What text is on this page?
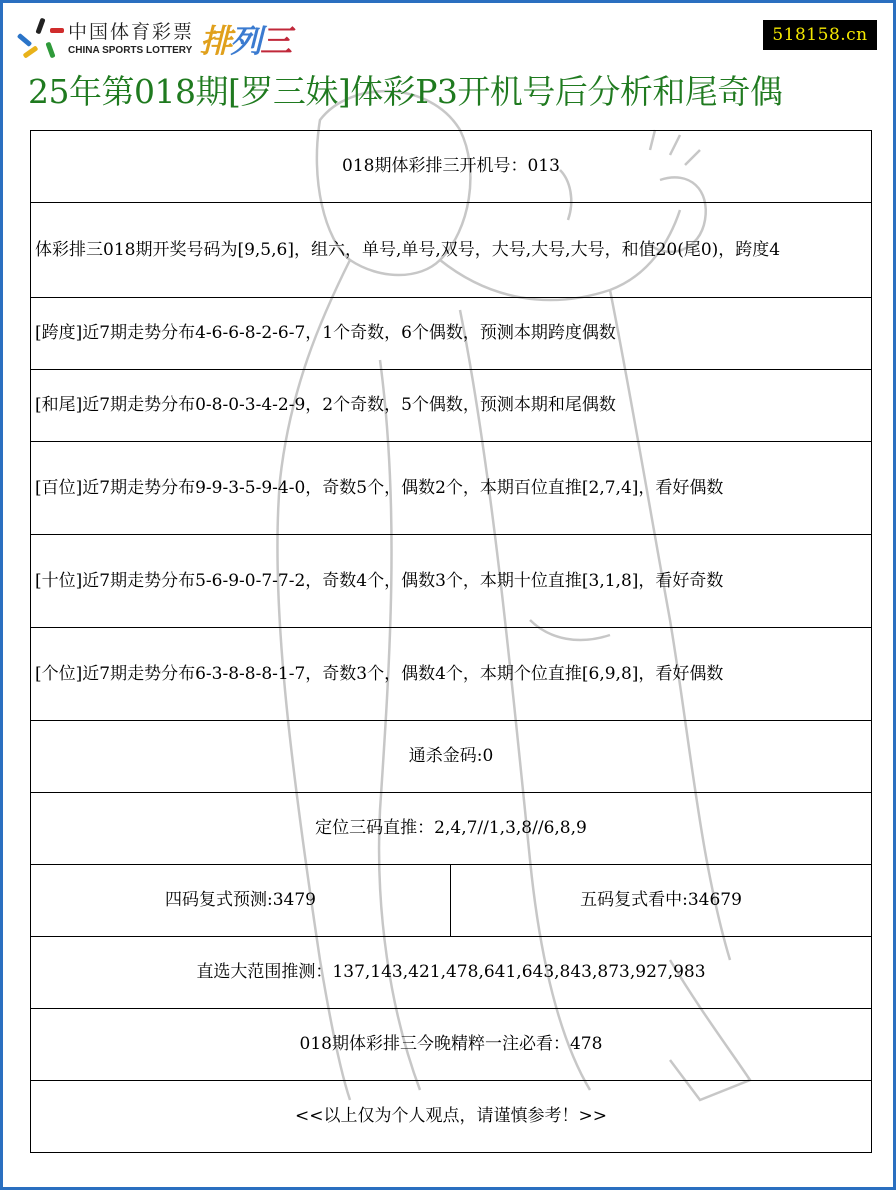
中国体育彩票
CHINA SPORTS LOTTERY 排列三	518158.cn
25年第018期[罗三妹]体彩P3开机号后分析和尾奇偶
018期体彩排三开机号：013
体彩排三018期开奖号码为[9,5,6]，组六，单号,单号,双号，大号,大号,大号，和值20(尾0)，跨度4
[跨度]近7期走势分布4-6-6-8-2-6-7，1个奇数，6个偶数，预测本期跨度偶数
[和尾]近7期走势分布0-8-0-3-4-2-9，2个奇数，5个偶数，预测本期和尾偶数
[百位]近7期走势分布9-9-3-5-9-4-0，奇数5个，偶数2个，本期百位直推[2,7,4]，看好偶数
[十位]近7期走势分布5-6-9-0-7-7-2，奇数4个，偶数3个，本期十位直推[3,1,8]，看好奇数
[个位]近7期走势分布6-3-8-8-8-1-7，奇数3个，偶数4个，本期个位直推[6,9,8]，看好偶数
通杀金码:0
定位三码直推：2,4,7//1,3,8//6,8,9
四码复式预测:3479	五码复式看中:34679
直选大范围推测：137,143,421,478,641,643,843,873,927,983
018期体彩排三今晚精粹一注必看：478
<<以上仅为个人观点，请谨慎参考！>>
